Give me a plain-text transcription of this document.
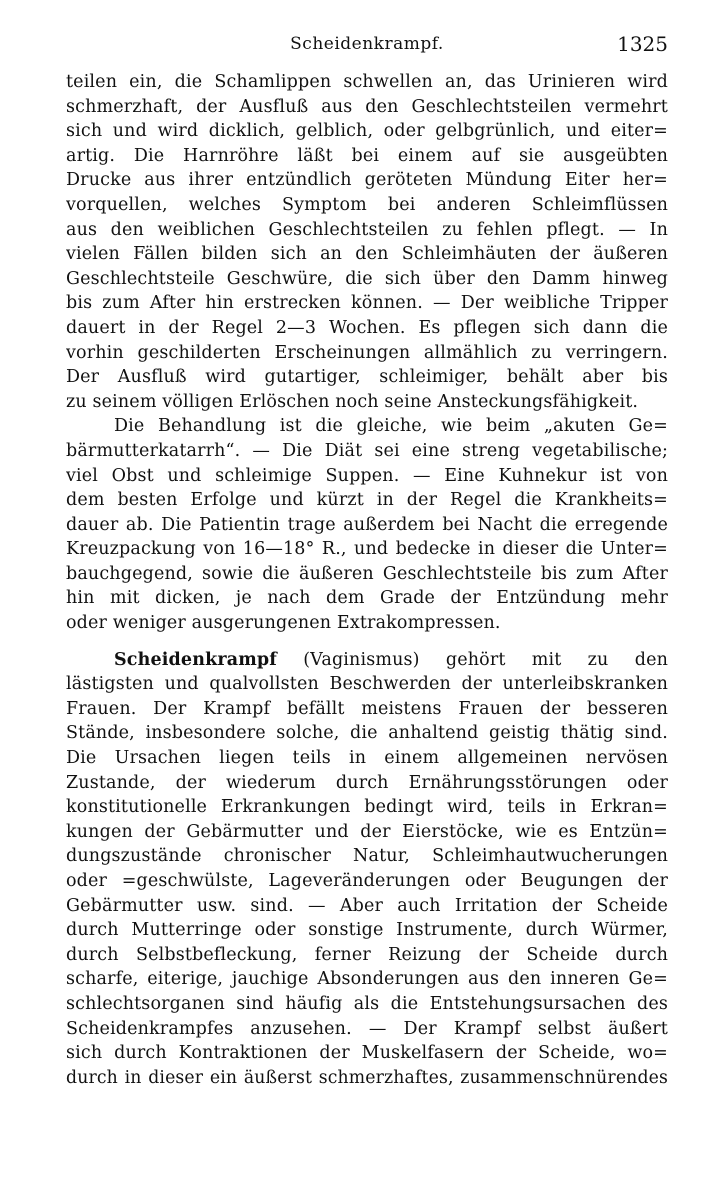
Scheidenkrampf.	1325
teilen ein, die Schamlippen schwellen an, das Urinieren wird
schmerzhaft, der Ausfluß aus den Geschlechtsteilen vermehrt
sich und wird dicklich, gelblich, oder gelbgrünlich, und eiter=
artig. Die Harnröhre läßt bei einem auf sie ausgeübten
Drucke aus ihrer entzündlich geröteten Mündung Eiter her=
vorquellen, welches Symptom bei anderen Schleimflüssen
aus den weiblichen Geschlechtsteilen zu fehlen pflegt. — In
vielen Fällen bilden sich an den Schleimhäuten der äußeren
Geschlechtsteile Geschwüre, die sich über den Damm hinweg
bis zum After hin erstrecken können. — Der weibliche Tripper
dauert in der Regel 2—3 Wochen. Es pflegen sich dann die
vorhin geschilderten Erscheinungen allmählich zu verringern.
Der Ausfluß wird gutartiger, schleimiger, behält aber bis
zu seinem völligen Erlöschen noch seine Ansteckungsfähigkeit.
Die Behandlung ist die gleiche, wie beim „akuten Ge=
bärmutterkatarrh“. — Die Diät sei eine streng vegetabilische;
viel Obst und schleimige Suppen. — Eine Kuhnekur ist von
dem besten Erfolge und kürzt in der Regel die Krankheits=
dauer ab. Die Patientin trage außerdem bei Nacht die erregende
Kreuzpackung von 16—18° R., und bedecke in dieser die Unter=
bauchgegend, sowie die äußeren Geschlechtsteile bis zum After
hin mit dicken, je nach dem Grade der Entzündung mehr
oder weniger ausgerungenen Extrakompressen.
Scheidenkrampf (Vaginismus) gehört mit zu den
lästigsten und qualvollsten Beschwerden der unterleibskranken
Frauen. Der Krampf befällt meistens Frauen der besseren
Stände, insbesondere solche, die anhaltend geistig thätig sind.
Die Ursachen liegen teils in einem allgemeinen nervösen
Zustande, der wiederum durch Ernährungsstörungen oder
konstitutionelle Erkrankungen bedingt wird, teils in Erkran=
kungen der Gebärmutter und der Eierstöcke, wie es Entzün=
dungszustände chronischer Natur, Schleimhautwucherungen
oder =geschwülste, Lageveränderungen oder Beugungen der
Gebärmutter usw. sind. — Aber auch Irritation der Scheide
durch Mutterringe oder sonstige Instrumente, durch Würmer,
durch Selbstbefleckung, ferner Reizung der Scheide durch
scharfe, eiterige, jauchige Absonderungen aus den inneren Ge=
schlechtsorganen sind häufig als die Entstehungsursachen des
Scheidenkrampfes anzusehen. — Der Krampf selbst äußert
sich durch Kontraktionen der Muskelfasern der Scheide, wo=
durch in dieser ein äußerst schmerzhaftes, zusammenschnürendes
